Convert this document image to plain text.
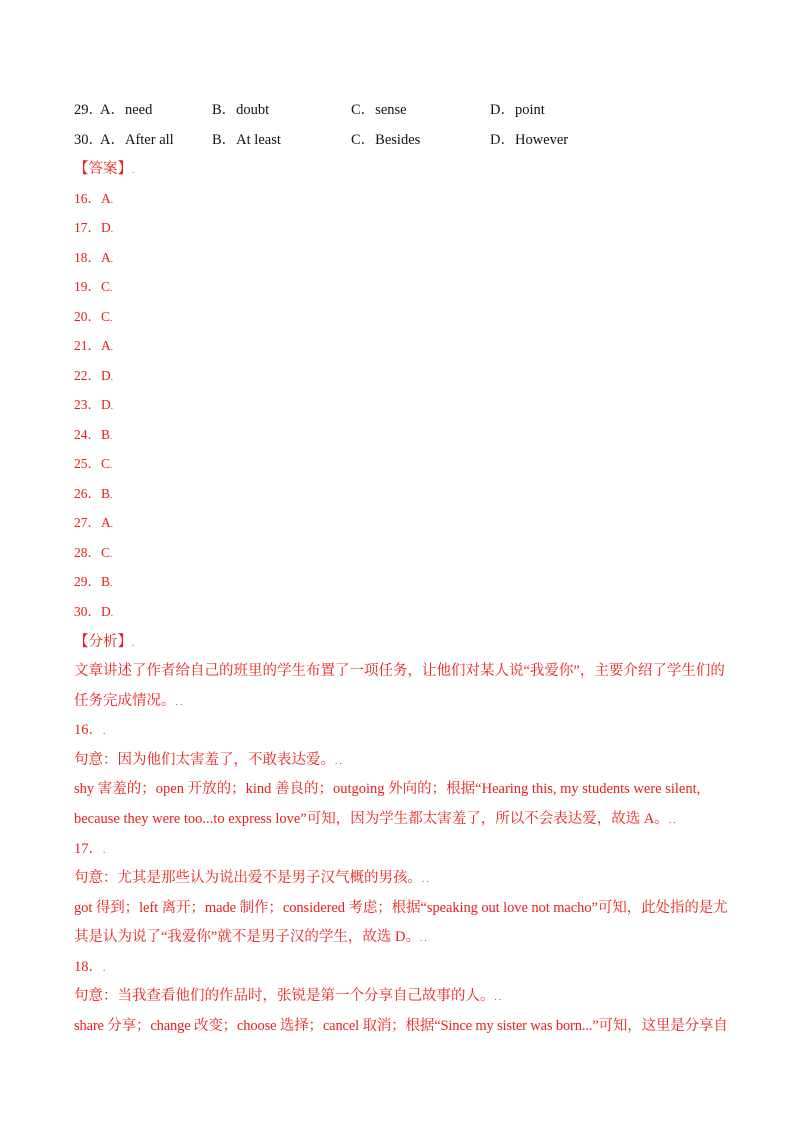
29．
A．need	B．doubt	C．sense	D．point
30．
A．After all	B．At least	C．Besides	D．However
【答案】.
16．A.
17．D.
18．A.
19．C.
20．C.
21．A.
22．D.
23．D.
24．B.
25．C.
26．B.
27．A.
28．C.
29．B.
30．D.
【分析】.
文章讲述了作者给自己的班里的学生布置了一项任务，让他们对某人说“我爱你”，主要介绍了学生们的
任务完成情况。. .
16．.
句意：因为他们太害羞了，不敢表达爱。. .
shy 害羞的；open 开放的；kind 善良的；outgoing 外向的；根据“Hearing this, my students were silent,
because they were too...to express love”可知，因为学生都太害羞了，所以不会表达爱，故选 A。. .
17．.
句意：尤其是那些认为说出爱不是男子汉气概的男孩。. .
got 得到；left 离开；made 制作；considered 考虑；根据“speaking out love not macho”可知，此处指的是尤
其是认为说了“我爱你”就不是男子汉的学生，故选 D。. .
18．.
句意：当我查看他们的作品时，张锐是第一个分享自己故事的人。. .
share 分享；change 改变；choose 选择；cancel 取消；根据“Since my sister was born...”可知，这里是分享自
